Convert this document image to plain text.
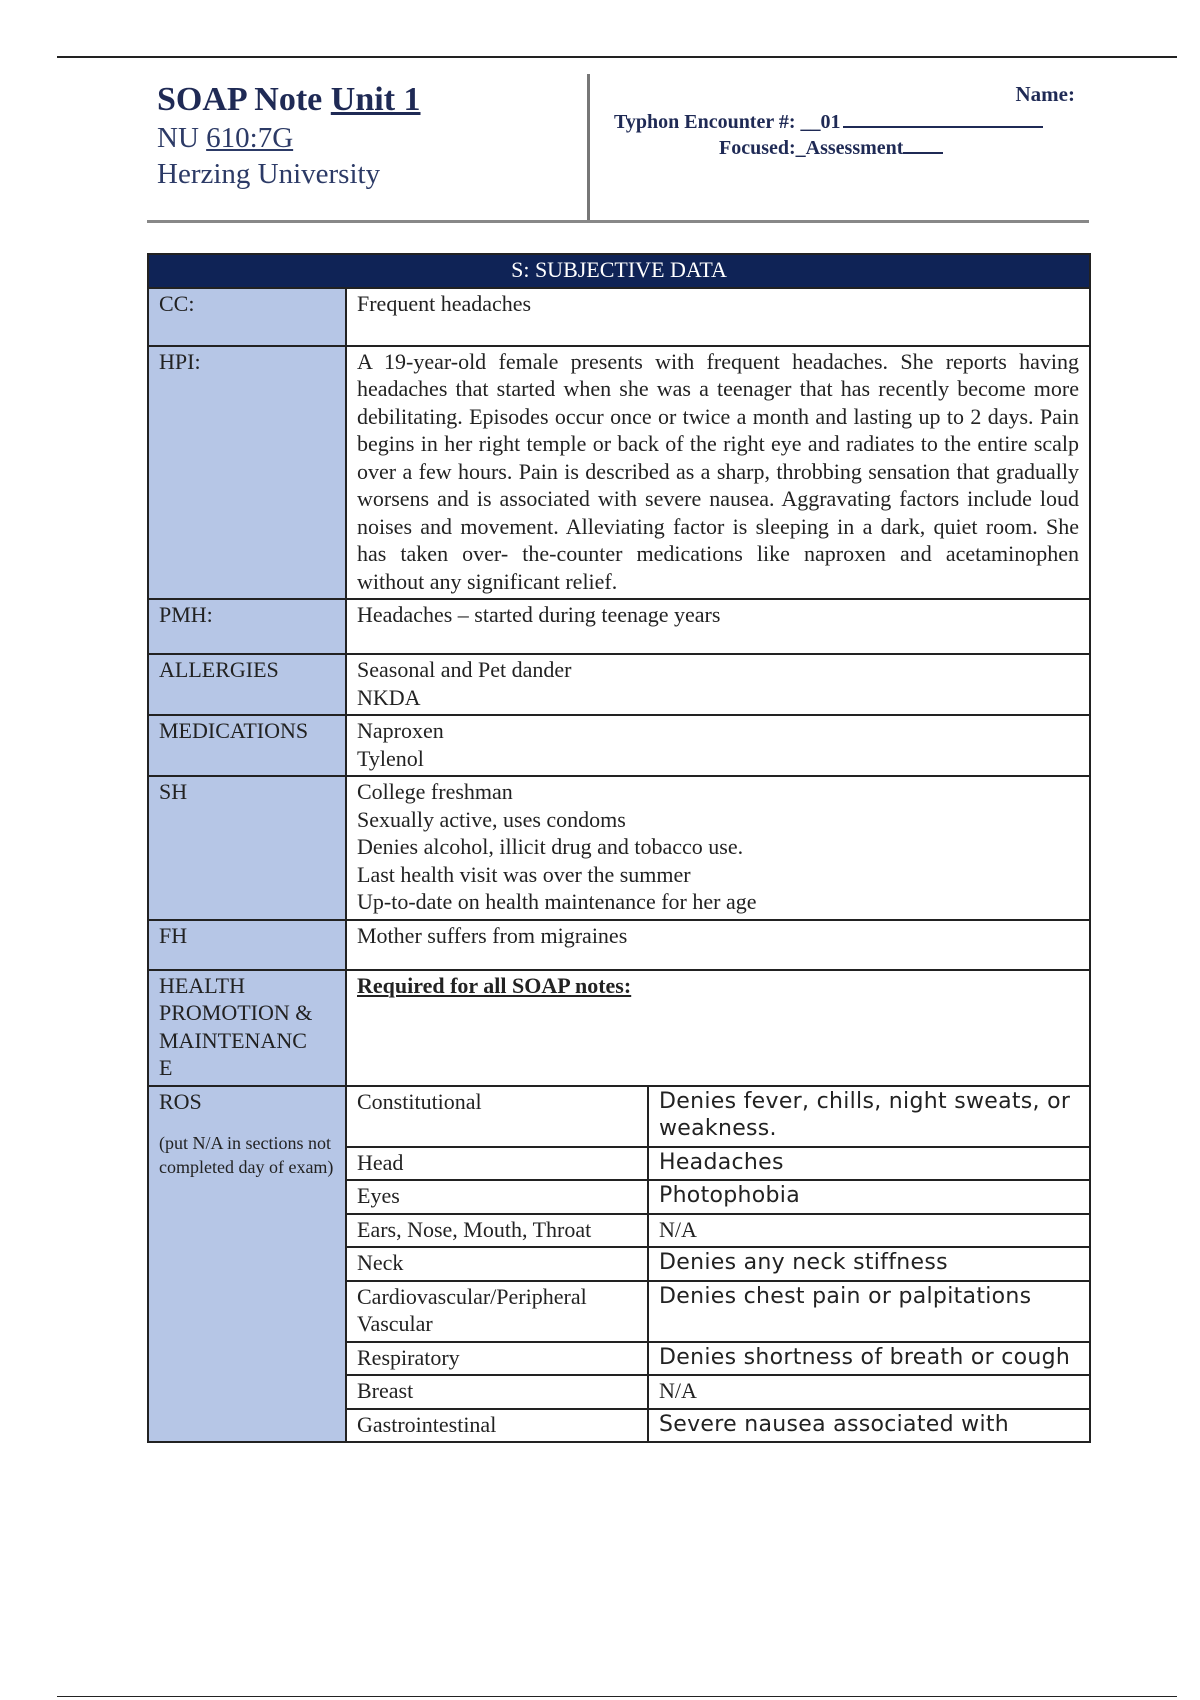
SOAP Note Unit 1
NU 610:7G
Herzing University
Name:
Typhon Encounter #: __01
Focused:_Assessment
S: SUBJECTIVE DATA		
CC:	Frequent headaches	
HPI:	A 19-year-old female presents with frequent headaches. She reports having headaches that started when she was a teenager that has recently become more debilitating. Episodes occur once or twice a month and lasting up to 2 days. Pain begins in her right temple or back of the right eye and radiates to the entire scalp over a few hours. Pain is described as a sharp, throbbing sensation that gradually worsens and is associated with severe nausea. Aggravating factors include loud noises and movement. Alleviating factor is sleeping in a dark, quiet room. She has taken over- the-counter medications like naproxen and acetaminophen without any significant relief.	
PMH:	Headaches – started during teenage years	
ALLERGIES	Seasonal and Pet dander
NKDA	

MEDICATIONS	Naproxen
Tylenol	

SH	College freshman
Sexually active, uses condoms
Denies alcohol, illicit drug and tobacco use.
Last health visit was over the summer
Up-to-date on health maintenance for her age	

FH	Mother suffers from migraines	

HEALTH
PROMOTION &
MAINTENANC
E	Required for all SOAP notes:	

ROS
(put N/A in sections not completed day of exam)	Constitutional	Denies fever, chills, night sweats, or weakness.
	Head	Headaches
	Eyes	Photophobia
	Ears, Nose, Mouth, Throat	N/A
	Neck	Denies any neck stiffness
	Cardiovascular/Peripheral Vascular	Denies chest pain or palpitations
	Respiratory	Denies shortness of breath or cough
	Breast	N/A
	Gastrointestinal	Severe nausea associated with
